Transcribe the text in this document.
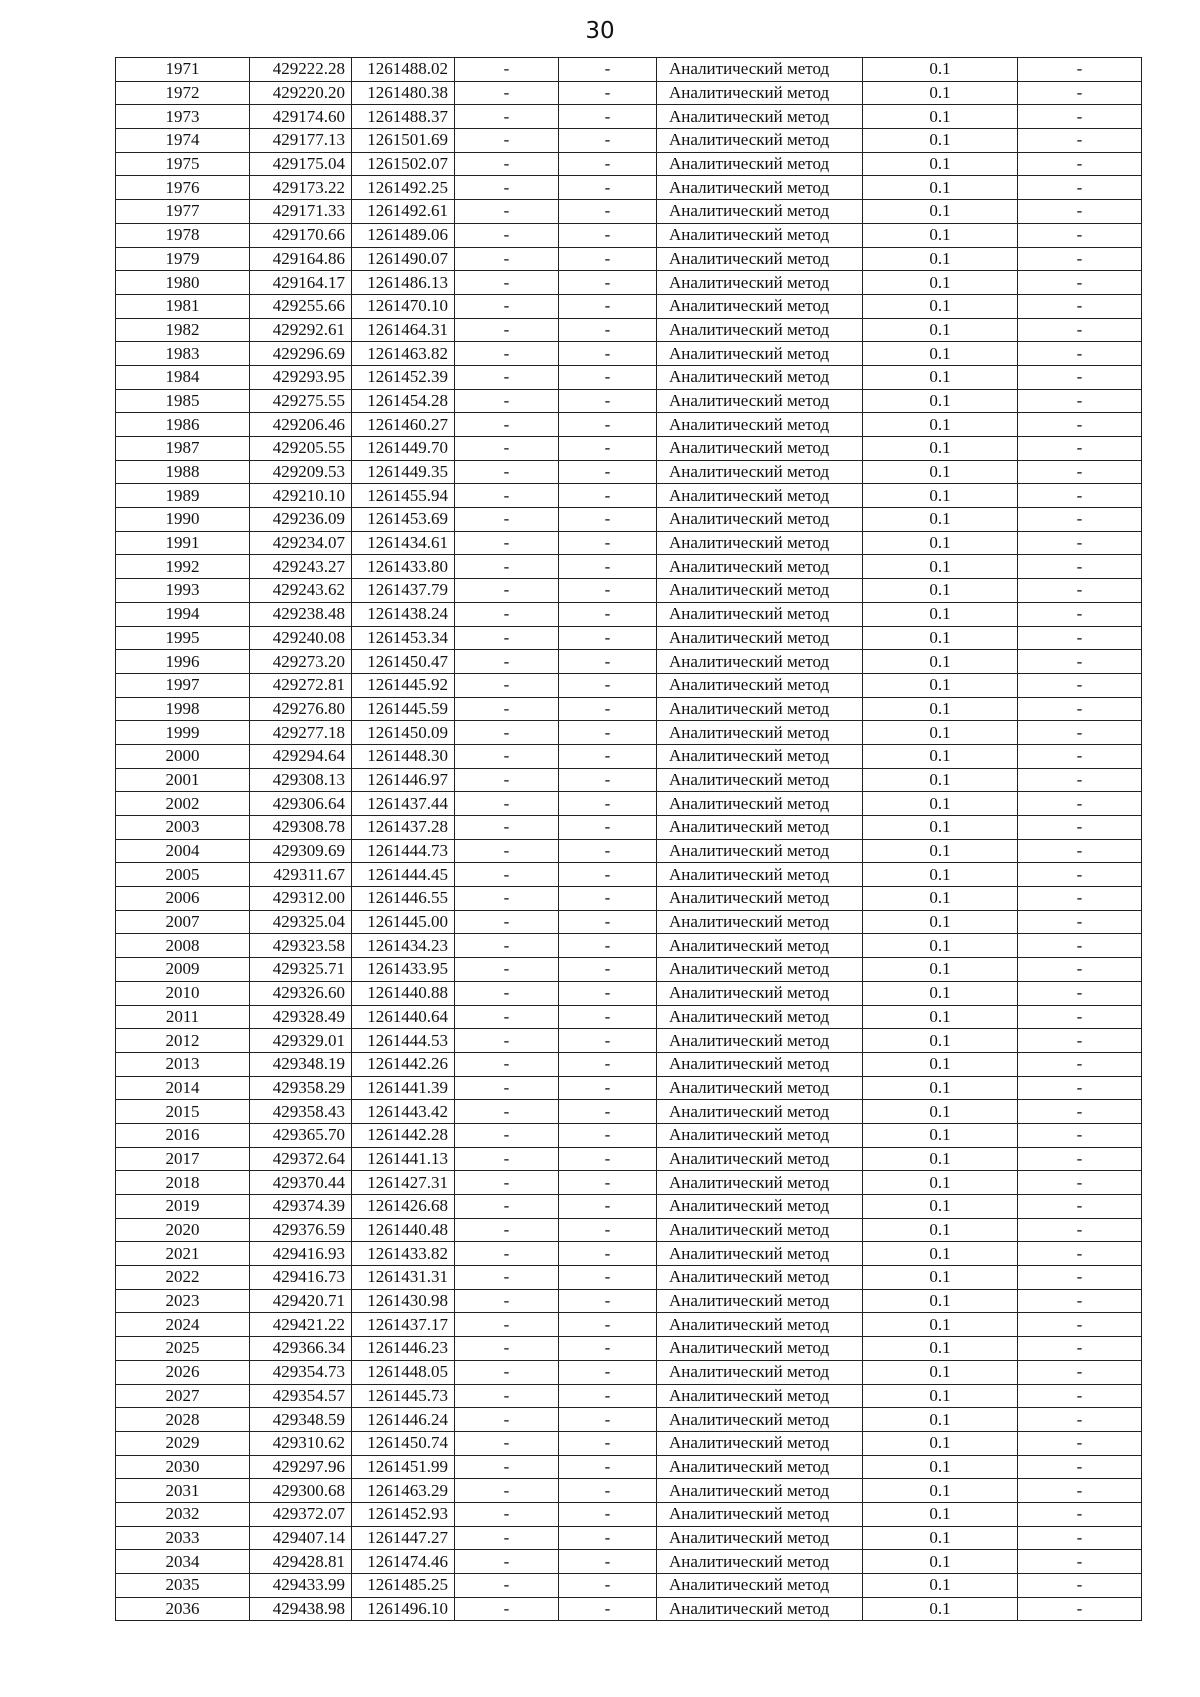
30
1971	429222.28	1261488.02	-	-	Аналитический метод	0.1	-
1972	429220.20	1261480.38	-	-	Аналитический метод	0.1	-
1973	429174.60	1261488.37	-	-	Аналитический метод	0.1	-
1974	429177.13	1261501.69	-	-	Аналитический метод	0.1	-
1975	429175.04	1261502.07	-	-	Аналитический метод	0.1	-
1976	429173.22	1261492.25	-	-	Аналитический метод	0.1	-
1977	429171.33	1261492.61	-	-	Аналитический метод	0.1	-
1978	429170.66	1261489.06	-	-	Аналитический метод	0.1	-
1979	429164.86	1261490.07	-	-	Аналитический метод	0.1	-
1980	429164.17	1261486.13	-	-	Аналитический метод	0.1	-
1981	429255.66	1261470.10	-	-	Аналитический метод	0.1	-
1982	429292.61	1261464.31	-	-	Аналитический метод	0.1	-
1983	429296.69	1261463.82	-	-	Аналитический метод	0.1	-
1984	429293.95	1261452.39	-	-	Аналитический метод	0.1	-
1985	429275.55	1261454.28	-	-	Аналитический метод	0.1	-
1986	429206.46	1261460.27	-	-	Аналитический метод	0.1	-
1987	429205.55	1261449.70	-	-	Аналитический метод	0.1	-
1988	429209.53	1261449.35	-	-	Аналитический метод	0.1	-
1989	429210.10	1261455.94	-	-	Аналитический метод	0.1	-
1990	429236.09	1261453.69	-	-	Аналитический метод	0.1	-
1991	429234.07	1261434.61	-	-	Аналитический метод	0.1	-
1992	429243.27	1261433.80	-	-	Аналитический метод	0.1	-
1993	429243.62	1261437.79	-	-	Аналитический метод	0.1	-
1994	429238.48	1261438.24	-	-	Аналитический метод	0.1	-
1995	429240.08	1261453.34	-	-	Аналитический метод	0.1	-
1996	429273.20	1261450.47	-	-	Аналитический метод	0.1	-
1997	429272.81	1261445.92	-	-	Аналитический метод	0.1	-
1998	429276.80	1261445.59	-	-	Аналитический метод	0.1	-
1999	429277.18	1261450.09	-	-	Аналитический метод	0.1	-
2000	429294.64	1261448.30	-	-	Аналитический метод	0.1	-
2001	429308.13	1261446.97	-	-	Аналитический метод	0.1	-
2002	429306.64	1261437.44	-	-	Аналитический метод	0.1	-
2003	429308.78	1261437.28	-	-	Аналитический метод	0.1	-
2004	429309.69	1261444.73	-	-	Аналитический метод	0.1	-
2005	429311.67	1261444.45	-	-	Аналитический метод	0.1	-
2006	429312.00	1261446.55	-	-	Аналитический метод	0.1	-
2007	429325.04	1261445.00	-	-	Аналитический метод	0.1	-
2008	429323.58	1261434.23	-	-	Аналитический метод	0.1	-
2009	429325.71	1261433.95	-	-	Аналитический метод	0.1	-
2010	429326.60	1261440.88	-	-	Аналитический метод	0.1	-
2011	429328.49	1261440.64	-	-	Аналитический метод	0.1	-
2012	429329.01	1261444.53	-	-	Аналитический метод	0.1	-
2013	429348.19	1261442.26	-	-	Аналитический метод	0.1	-
2014	429358.29	1261441.39	-	-	Аналитический метод	0.1	-
2015	429358.43	1261443.42	-	-	Аналитический метод	0.1	-
2016	429365.70	1261442.28	-	-	Аналитический метод	0.1	-
2017	429372.64	1261441.13	-	-	Аналитический метод	0.1	-
2018	429370.44	1261427.31	-	-	Аналитический метод	0.1	-
2019	429374.39	1261426.68	-	-	Аналитический метод	0.1	-
2020	429376.59	1261440.48	-	-	Аналитический метод	0.1	-
2021	429416.93	1261433.82	-	-	Аналитический метод	0.1	-
2022	429416.73	1261431.31	-	-	Аналитический метод	0.1	-
2023	429420.71	1261430.98	-	-	Аналитический метод	0.1	-
2024	429421.22	1261437.17	-	-	Аналитический метод	0.1	-
2025	429366.34	1261446.23	-	-	Аналитический метод	0.1	-
2026	429354.73	1261448.05	-	-	Аналитический метод	0.1	-
2027	429354.57	1261445.73	-	-	Аналитический метод	0.1	-
2028	429348.59	1261446.24	-	-	Аналитический метод	0.1	-
2029	429310.62	1261450.74	-	-	Аналитический метод	0.1	-
2030	429297.96	1261451.99	-	-	Аналитический метод	0.1	-
2031	429300.68	1261463.29	-	-	Аналитический метод	0.1	-
2032	429372.07	1261452.93	-	-	Аналитический метод	0.1	-
2033	429407.14	1261447.27	-	-	Аналитический метод	0.1	-
2034	429428.81	1261474.46	-	-	Аналитический метод	0.1	-
2035	429433.99	1261485.25	-	-	Аналитический метод	0.1	-
2036	429438.98	1261496.10	-	-	Аналитический метод	0.1	-
